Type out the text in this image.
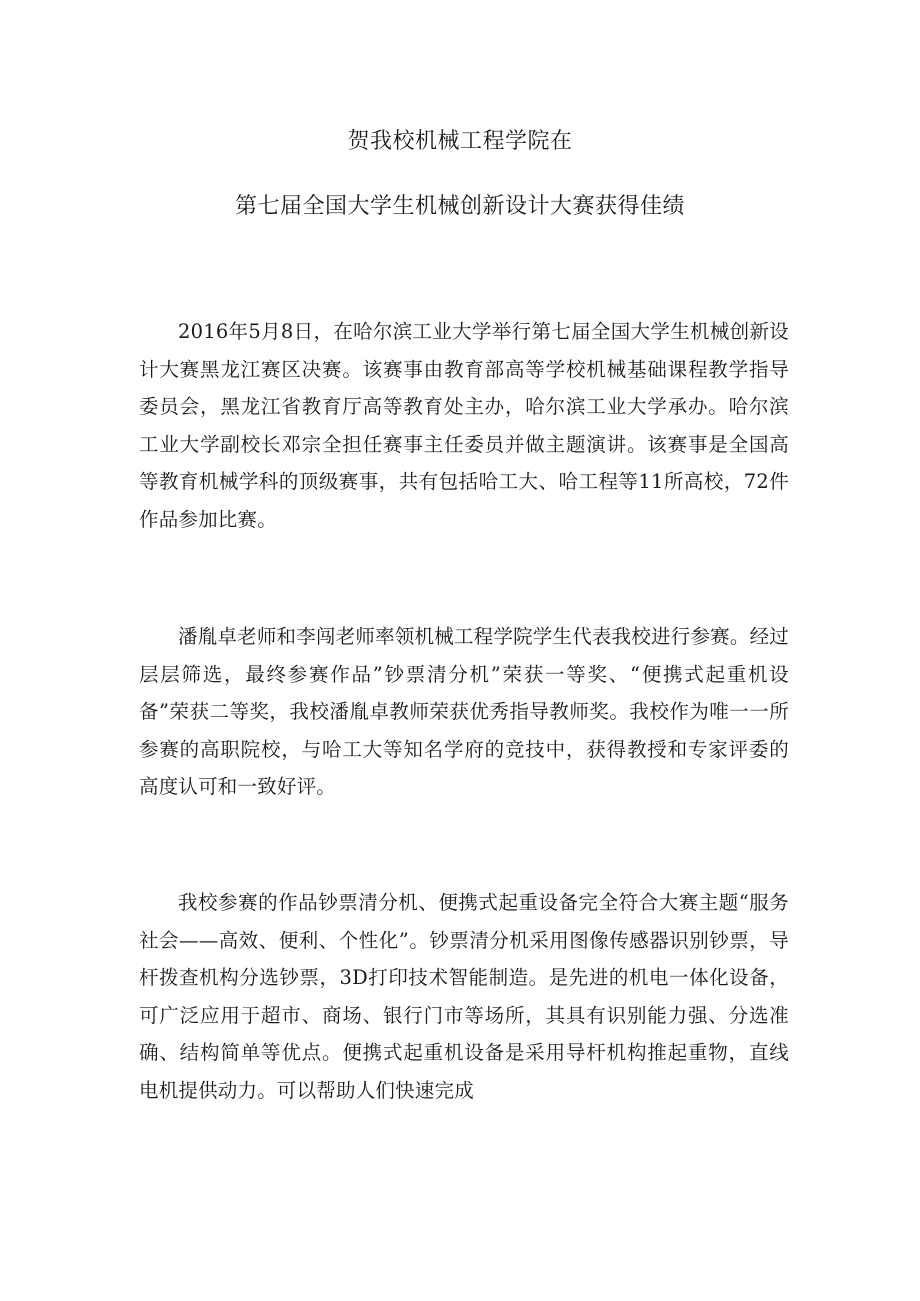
贺我校机械工程学院在
第七届全国大学生机械创新设计大赛获得佳绩

2016年5月8日，在哈尔滨工业大学举行第七届全国大学生机械创新设计大赛黑龙江赛区决赛。该赛事由教育部高等学校机械基础课程教学指导委员会，黑龙江省教育厅高等教育处主办，哈尔滨工业大学承办。哈尔滨工业大学副校长邓宗全担任赛事主任委员并做主题演讲。该赛事是全国高等教育机械学科的顶级赛事，共有包括哈工大、哈工程等11所高校，72件作品参加比赛。

潘胤卓老师和李闯老师率领机械工程学院学生代表我校进行参赛。经过层层筛选，最终参赛作品”钞票清分机”荣获一等奖、“便携式起重机设备”荣获二等奖，我校潘胤卓教师荣获优秀指导教师奖。我校作为唯一一所参赛的高职院校，与哈工大等知名学府的竞技中，获得教授和专家评委的高度认可和一致好评。

我校参赛的作品钞票清分机、便携式起重设备完全符合大赛主题“服务社会——高效、便利、个性化”。钞票清分机采用图像传感器识别钞票，导杆拨查机构分选钞票，3D打印技术智能制造。是先进的机电一体化设备，可广泛应用于超市、商场、银行门市等场所，其具有识别能力强、分选准确、结构简单等优点。便携式起重机设备是采用导杆机构推起重物，直线电机提供动力。可以帮助人们快速完成
